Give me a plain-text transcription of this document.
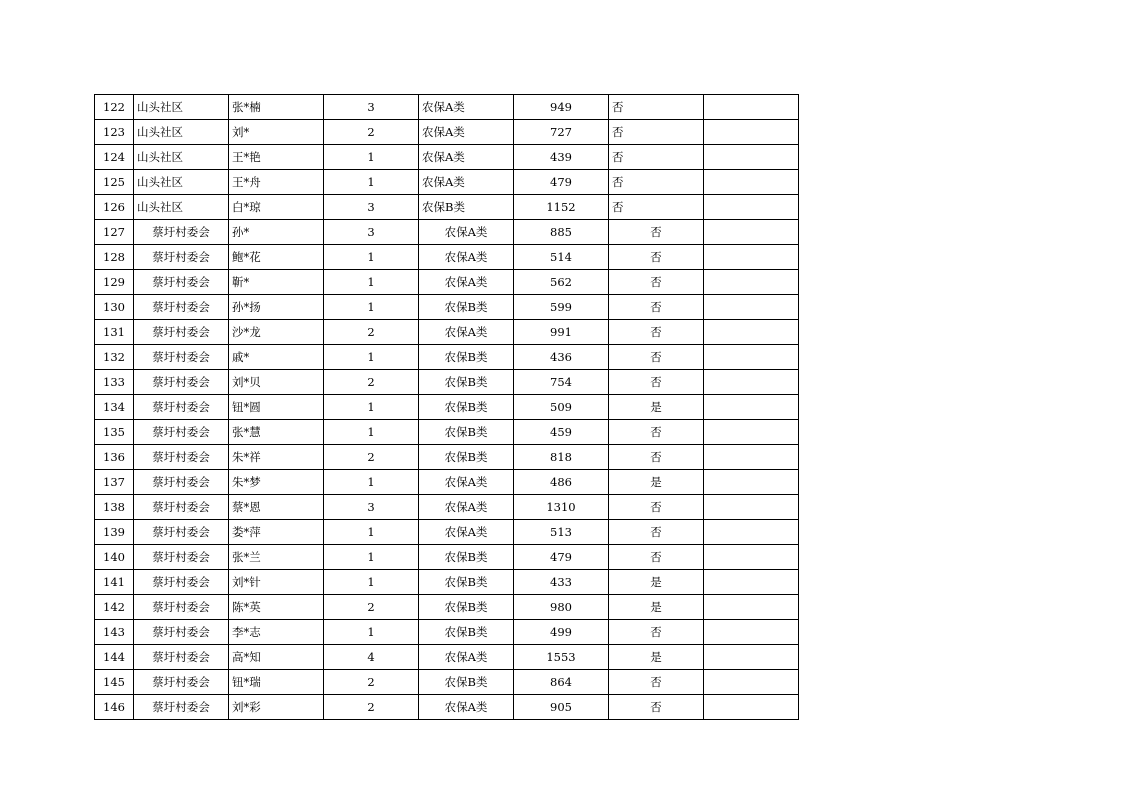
122	山头社区	张*楠	3	农保A类	949	否	
123	山头社区	刘*	2	农保A类	727	否	
124	山头社区	王*艳	1	农保A类	439	否	
125	山头社区	王*舟	1	农保A类	479	否	
126	山头社区	白*琼	3	农保B类	1152	否	
127	蔡圩村委会	孙*	3	农保A类	885	否	
128	蔡圩村委会	鲍*花	1	农保A类	514	否	
129	蔡圩村委会	靳*	1	农保A类	562	否	
130	蔡圩村委会	孙*扬	1	农保B类	599	否	
131	蔡圩村委会	沙*龙	2	农保A类	991	否	
132	蔡圩村委会	戚*	1	农保B类	436	否	
133	蔡圩村委会	刘*贝	2	农保B类	754	否	
134	蔡圩村委会	钮*圆	1	农保B类	509	是	
135	蔡圩村委会	张*慧	1	农保B类	459	否	
136	蔡圩村委会	朱*祥	2	农保B类	818	否	
137	蔡圩村委会	朱*梦	1	农保A类	486	是	
138	蔡圩村委会	蔡*恩	3	农保A类	1310	否	
139	蔡圩村委会	娄*萍	1	农保A类	513	否	
140	蔡圩村委会	张*兰	1	农保B类	479	否	
141	蔡圩村委会	刘*针	1	农保B类	433	是	
142	蔡圩村委会	陈*英	2	农保B类	980	是	
143	蔡圩村委会	李*志	1	农保B类	499	否	
144	蔡圩村委会	高*知	4	农保A类	1553	是	
145	蔡圩村委会	钮*瑞	2	农保B类	864	否	
146	蔡圩村委会	刘*彩	2	农保A类	905	否	
